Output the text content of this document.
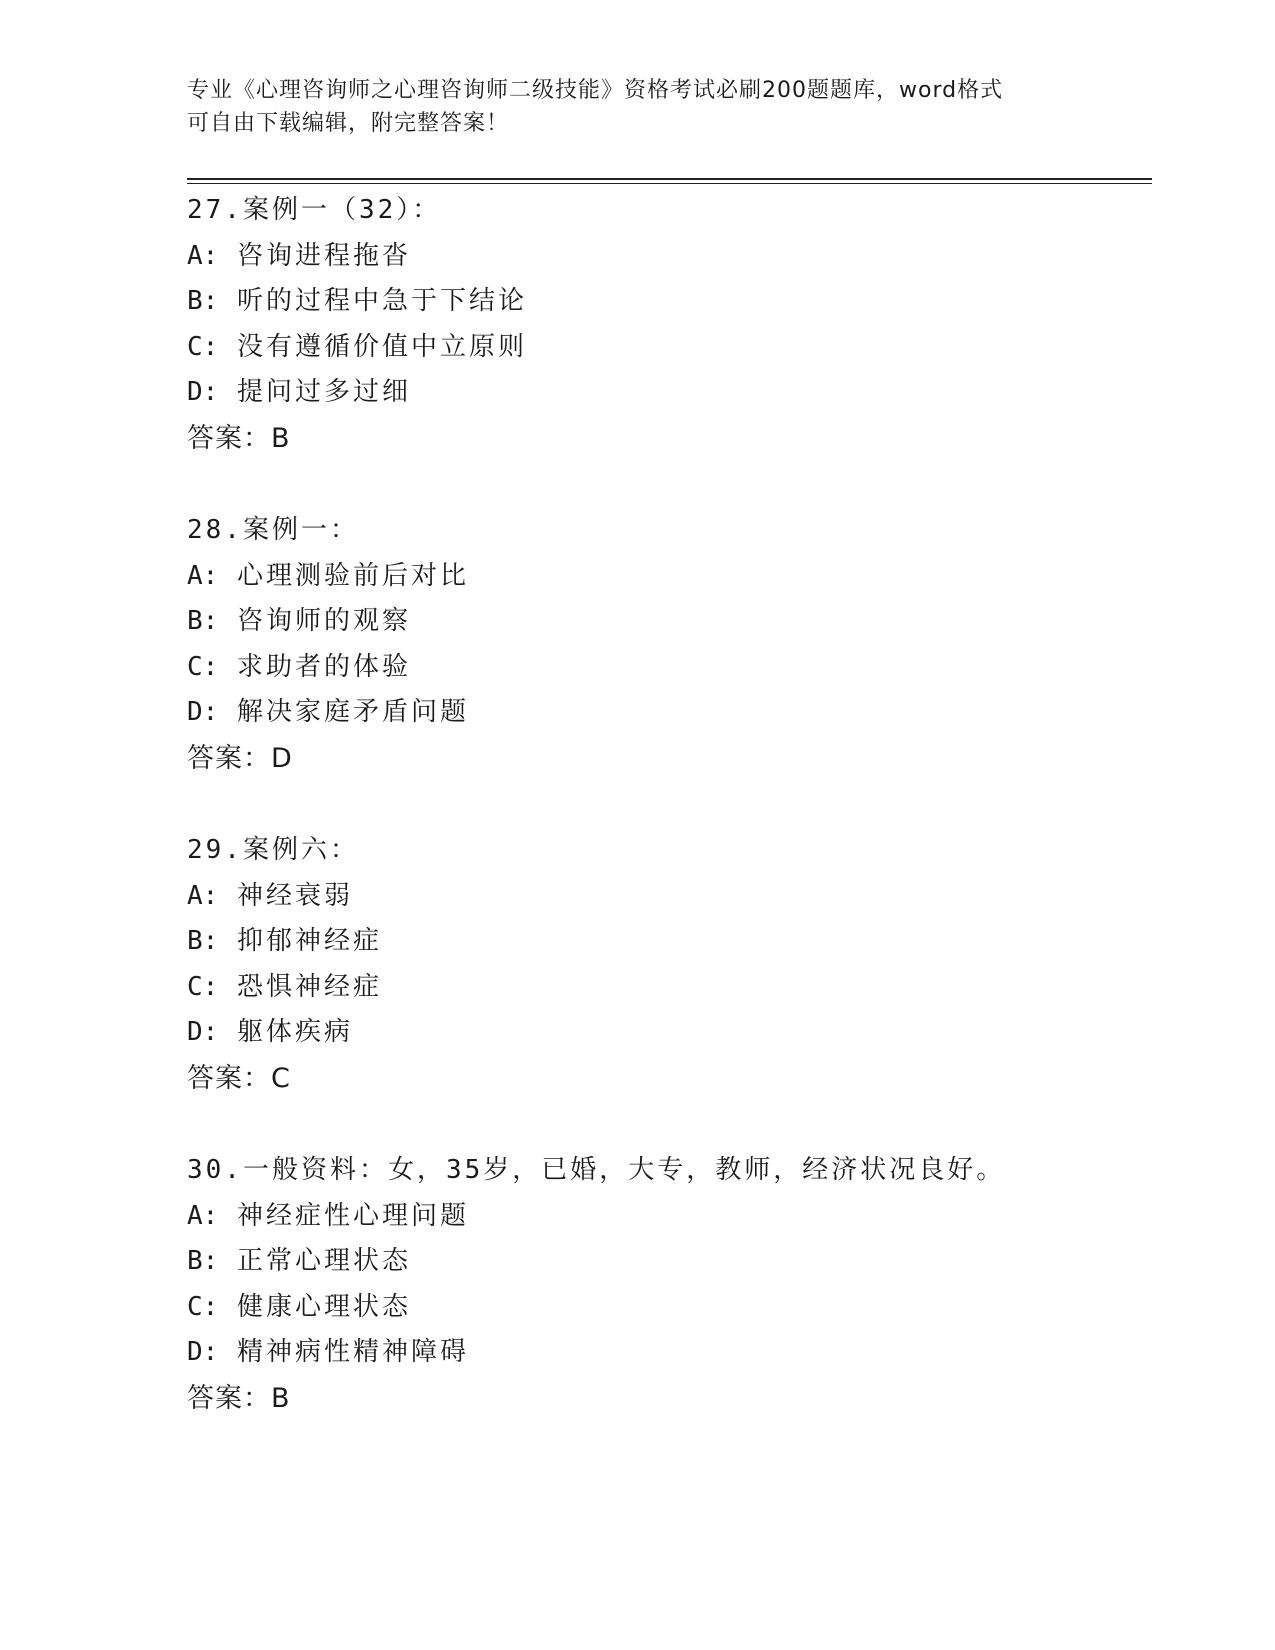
专业《心理咨询师之心理咨询师二级技能》资格考试必刷200题题库，word格式
可自由下载编辑，附完整答案！
27.案例一（32）：
A: 咨询进程拖沓
B: 听的过程中急于下结论
C: 没有遵循价值中立原则
D: 提问过多过细
答案：B
28.案例一：
A: 心理测验前后对比
B: 咨询师的观察
C: 求助者的体验
D: 解决家庭矛盾问题
答案：D
29.案例六：
A: 神经衰弱
B: 抑郁神经症
C: 恐惧神经症
D: 躯体疾病
答案：C
30.一般资料：女，35岁，已婚，大专，教师，经济状况良好。
A: 神经症性心理问题
B: 正常心理状态
C: 健康心理状态
D: 精神病性精神障碍
答案：B
